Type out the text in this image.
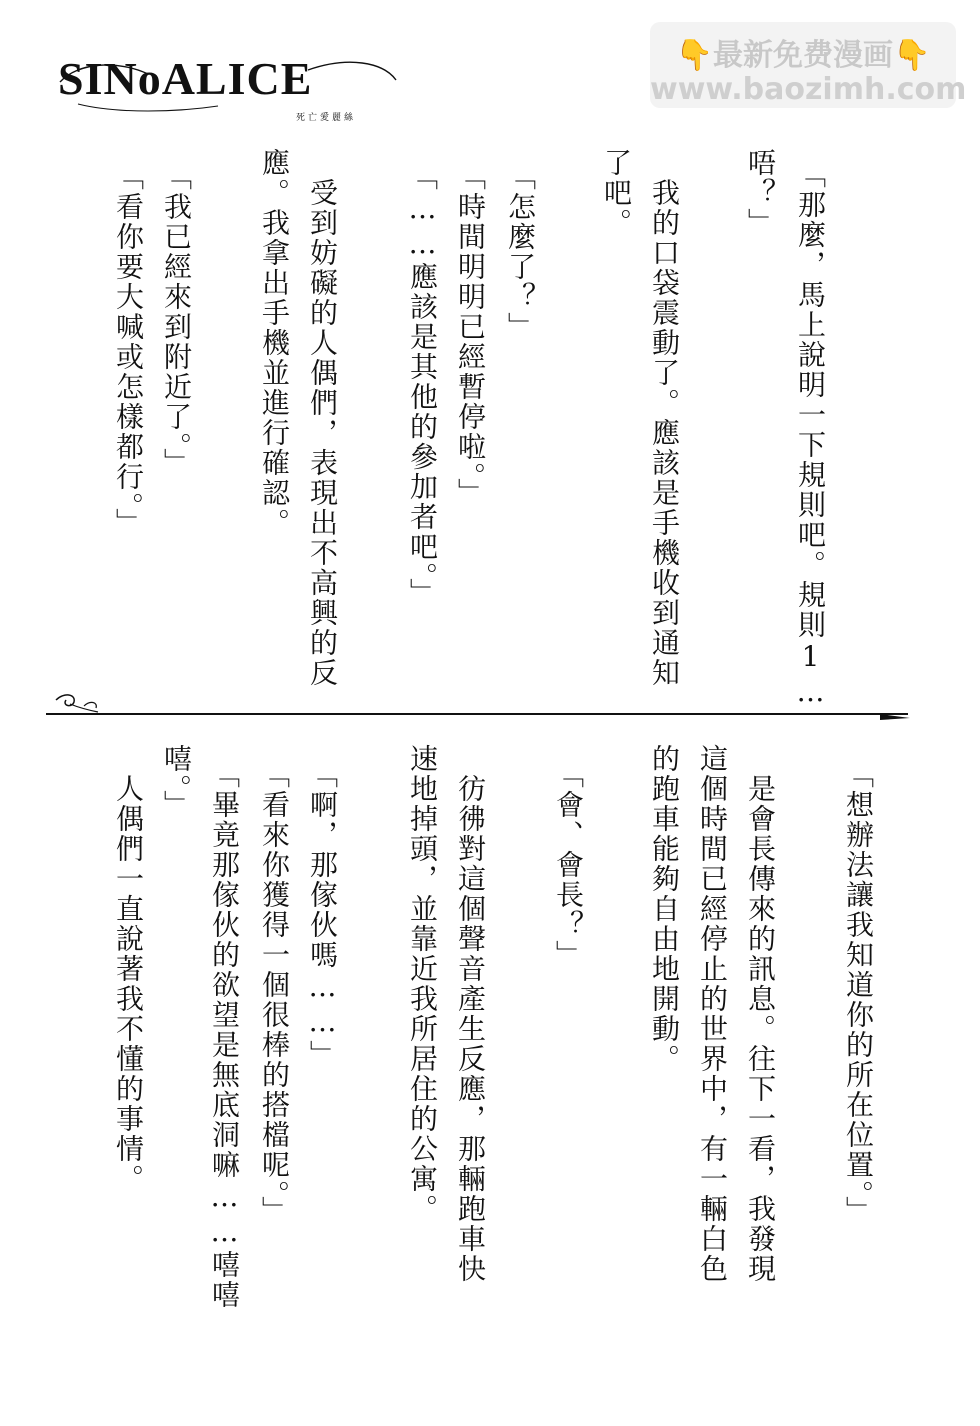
SINoALICE
死亡愛麗絲
👇最新免费漫画👇
www.baozimh.com
「那麼，馬上說明一下規則吧。規則1…
唔？」
我的口袋震動了。應該是手機收到通知
了吧。
「怎麼了？」
「時間明明已經暫停啦。」
「……應該是其他的參加者吧。」
受到妨礙的人偶們，表現出不高興的反
應。我拿出手機並進行確認。
「我已經來到附近了。」
「看你要大喊或怎樣都行。」
「想辦法讓我知道你的所在位置。」
是會長傳來的訊息。往下一看，我發現
這個時間已經停止的世界中，有一輛白色
的跑車能夠自由地開動。
「會、會長？」
彷彿對這個聲音產生反應，那輛跑車快
速地掉頭，並靠近我所居住的公寓。
「啊，那傢伙嗎……」
「看來你獲得一個很棒的搭檔呢。」
「畢竟那傢伙的欲望是無底洞嘛……嘻嘻
嘻。」
人偶們一直說著我不懂的事情。
